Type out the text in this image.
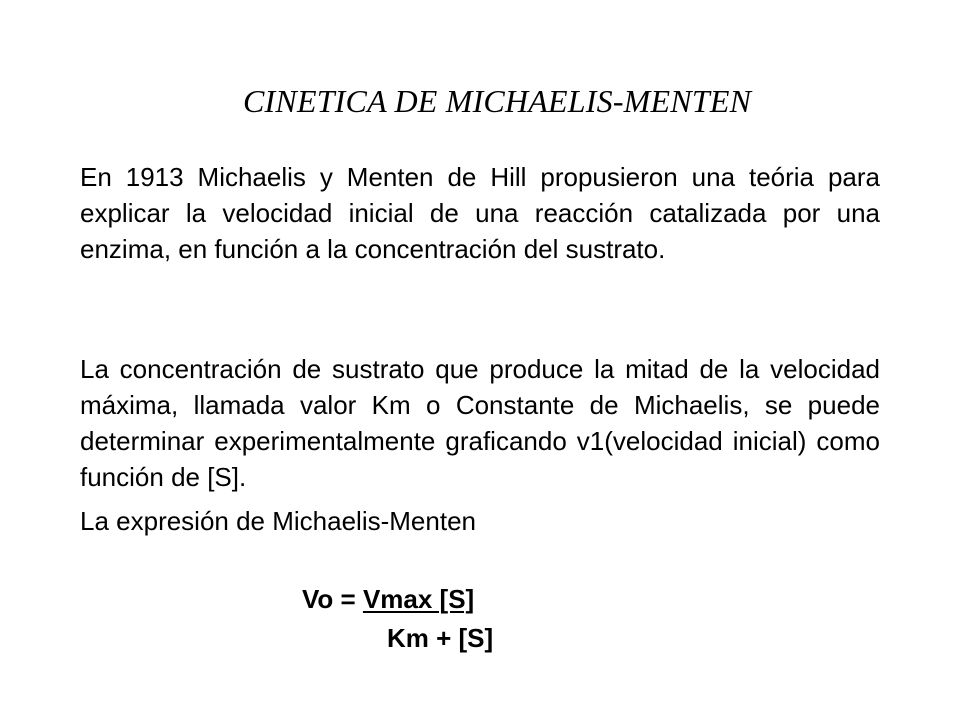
CINETICA DE MICHAELIS-MENTEN

En 1913 Michaelis y Menten de Hill propusieron una teória para explicar la velocidad inicial de una reacción catalizada por una enzima, en función a la concentración del sustrato.

La concentración de sustrato que produce la mitad de la velocidad máxima, llamada valor Km o Constante de Michaelis, se puede determinar experimentalmente graficando v1(velocidad inicial) como función de [S].

La expresión de Michaelis-Menten

Vo = Vmax [S]
Km + [S]
